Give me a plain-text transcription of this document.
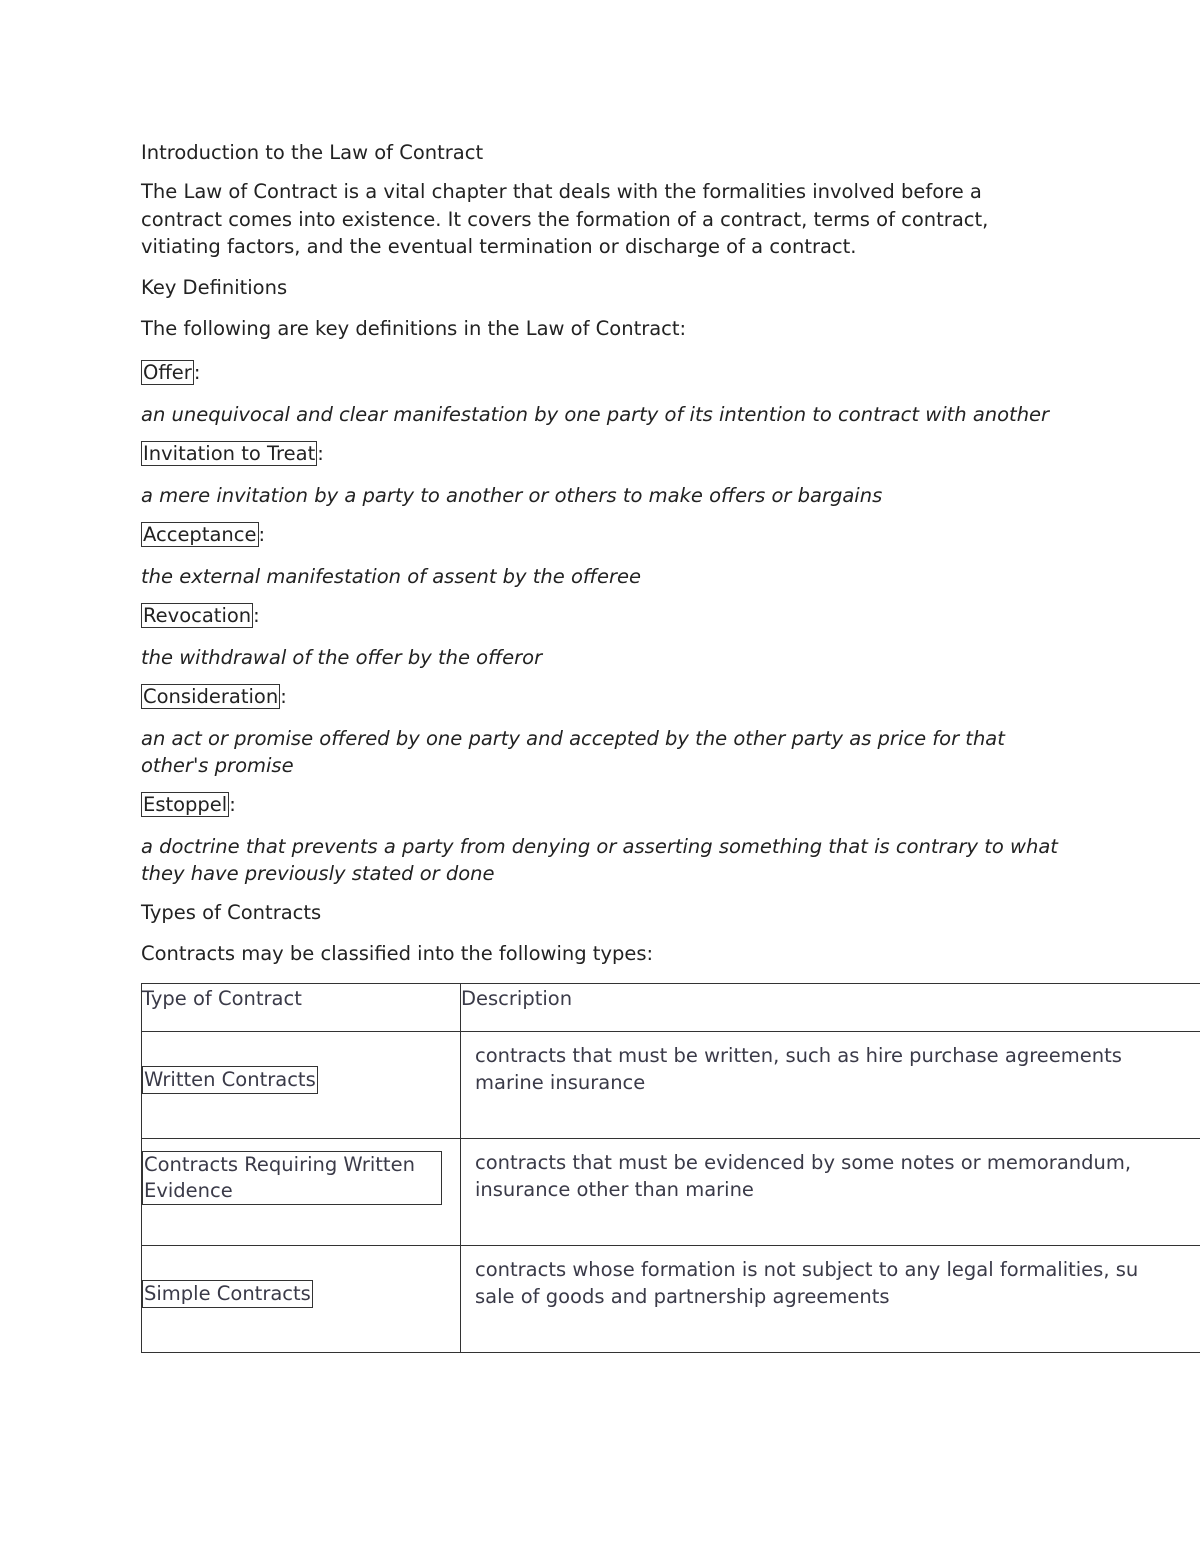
Introduction to the Law of Contract
The Law of Contract is a vital chapter that deals with the formalities involved before a contract comes into existence. It covers the formation of a contract, terms of contract, vitiating factors, and the eventual termination or discharge of a contract.
Key Definitions
The following are key definitions in the Law of Contract:
Offer :
an unequivocal and clear manifestation by one party of its intention to contract with another
Invitation to Treat :
a mere invitation by a party to another or others to make offers or bargains
Acceptance :
the external manifestation of assent by the offeree
Revocation :
the withdrawal of the offer by the offeror
Consideration :
an act or promise offered by one party and accepted by the other party as price for that other's promise
Estoppel :
a doctrine that prevents a party from denying or asserting something that is contrary to what they have previously stated or done
Types of Contracts
Contracts may be classified into the following types:
Type of Contract	Description

Written Contracts	contracts that must be written, such as hire purchase agreements
marine insurance

Contracts Requiring Written Evidence	contracts that must be evidenced by some notes or memorandum,
insurance other than marine

Simple Contracts	contracts whose formation is not subject to any legal formalities, su
sale of goods and partnership agreements
